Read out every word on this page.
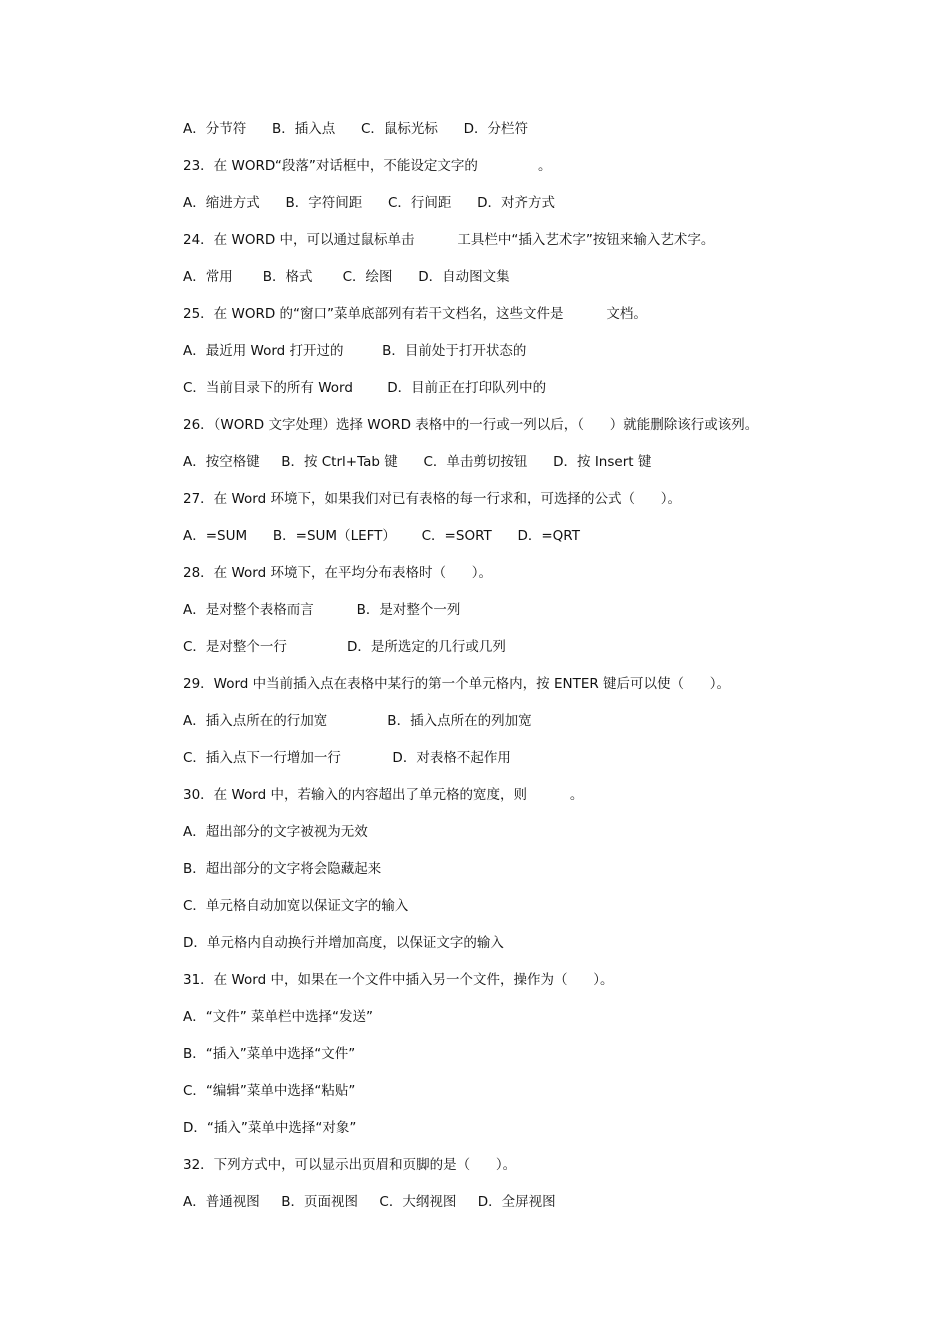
A．分节符      B．插入点      C．鼠标光标      D．分栏符
23．在 WORD“段落”对话框中，不能设定文字的              。
A．缩进方式      B．字符间距      C．行间距      D．对齐方式
24．在 WORD 中，可以通过鼠标单击          工具栏中“插入艺术字”按钮来输入艺术字。
A．常用       B．格式       C．绘图      D．自动图文集
25．在 WORD 的“窗口”菜单底部列有若干文档名，这些文件是          文档。
A．最近用 Word 打开过的         B．目前处于打开状态的
C．当前目录下的所有 Word        D．目前正在打印队列中的
26．（WORD 文字处理）选择 WORD 表格中的一行或一列以后，（      ）就能删除该行或该列。
A．按空格键     B．按 Ctrl+Tab 键      C．单击剪切按钮      D．按 Insert 键
27．在 Word 环境下，如果我们对已有表格的每一行求和，可选择的公式（      ）。
A．=SUM      B．=SUM（LEFT）      C．=SORT      D．=QRT
28．在 Word 环境下，在平均分布表格时（      ）。
A．是对整个表格而言          B．是对整个一列
C．是对整个一行              D．是所选定的几行或几列
29．Word 中当前插入点在表格中某行的第一个单元格内，按 ENTER 键后可以使（      ）。
A．插入点所在的行加宽              B．插入点所在的列加宽
C．插入点下一行增加一行            D．对表格不起作用
30．在 Word 中，若输入的内容超出了单元格的宽度，则          。
A．超出部分的文字被视为无效
B．超出部分的文字将会隐藏起来
C．单元格自动加宽以保证文字的输入
D．单元格内自动换行并增加高度，以保证文字的输入
31．在 Word 中，如果在一个文件中插入另一个文件，操作为（      ）。
A．“文件” 菜单栏中选择“发送”
B．“插入”菜单中选择“文件”
C．“编辑”菜单中选择“粘贴”
D．“插入”菜单中选择“对象”
32．下列方式中，可以显示出页眉和页脚的是（      ）。
A．普通视图     B．页面视图     C．大纲视图     D．全屏视图
